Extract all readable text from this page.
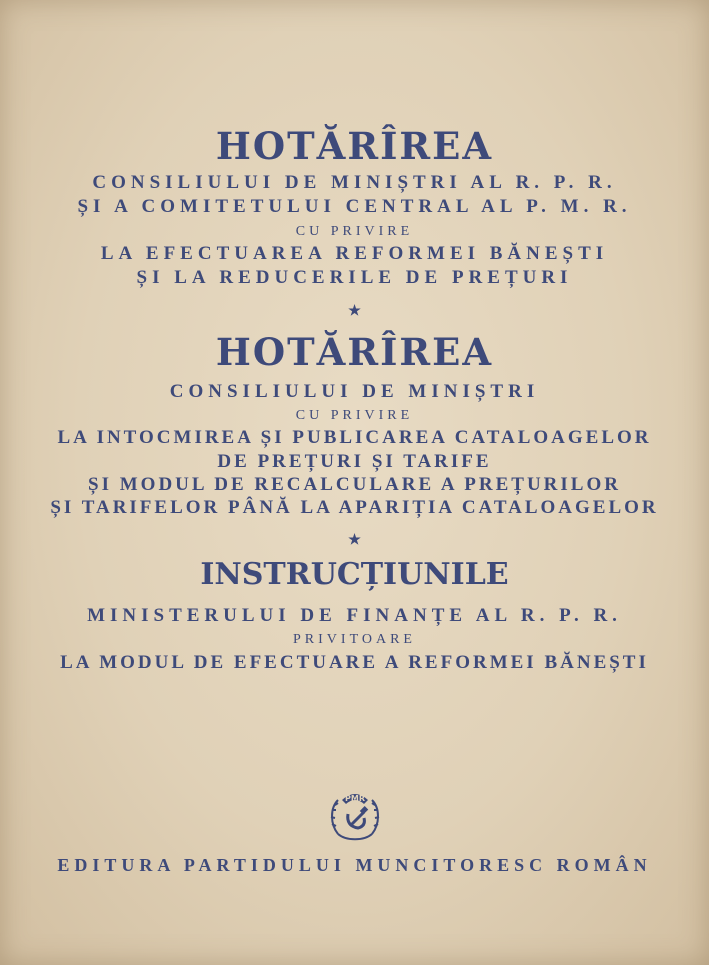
HOTĂRÎREA
CONSILIULUI DE MINIȘTRI AL R. P. R.
ȘI A COMITETULUI CENTRAL AL P. M. R.
CU PRIVIRE
LA EFECTUAREA REFORMEI BĂNEȘTI
ȘI LA REDUCERILE DE PREȚURI
★
HOTĂRÎREA
CONSILIULUI DE MINIȘTRI
CU PRIVIRE
LA INTOCMIREA ȘI PUBLICAREA CATALOAGELOR
DE PREȚURI ȘI TARIFE
ȘI MODUL DE RECALCULARE A PREȚURILOR
ȘI TARIFELOR PÂNĂ LA APARIȚIA CATALOAGELOR
★
INSTRUCȚIUNILE
MINISTERULUI DE FINANȚE AL R. P. R.
PRIVITOARE
LA MODUL DE EFECTUARE A REFORMEI BĂNEȘTI
PMR
EDITURA PARTIDULUI MUNCITORESC ROMÂN
